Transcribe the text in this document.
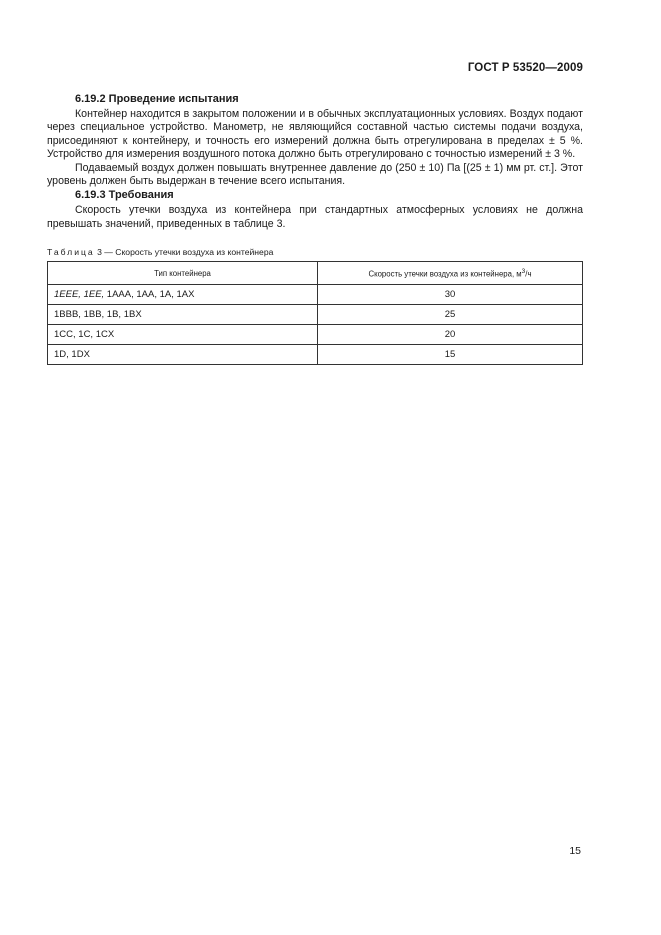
ГОСТ Р 53520—2009

6.19.2 Проведение испытания

Контейнер находится в закрытом положении и в обычных эксплуатационных условиях. Воздух подают через специальное устройство. Манометр, не являющийся составной частью системы подачи воздуха, присоединяют к контейнеру, и точность его измерений должна быть отрегулирована в пределах ± 5 %. Устройство для измерения воздушного потока должно быть отрегулировано с точностью измерений ± 3 %.

Подаваемый воздух должен повышать внутреннее давление до (250 ± 10) Па [(25 ± 1) мм рт. ст.]. Этот уровень должен быть выдержан в течение всего испытания.

6.19.3 Требования

Скорость утечки воздуха из контейнера при стандартных атмосферных условиях не должна превышать значений, приведенных в таблице 3.

Таблица 3 — Скорость утечки воздуха из контейнера
Тип контейнера	Скорость утечки воздуха из контейнера, $м^3/ч$
1EEE, 1EE, 1AAA, 1AA, 1A, 1AX	30
1BBB, 1BB, 1B, 1BX	25
1CC, 1C, 1CX	20
1D, 1DX	15
15
